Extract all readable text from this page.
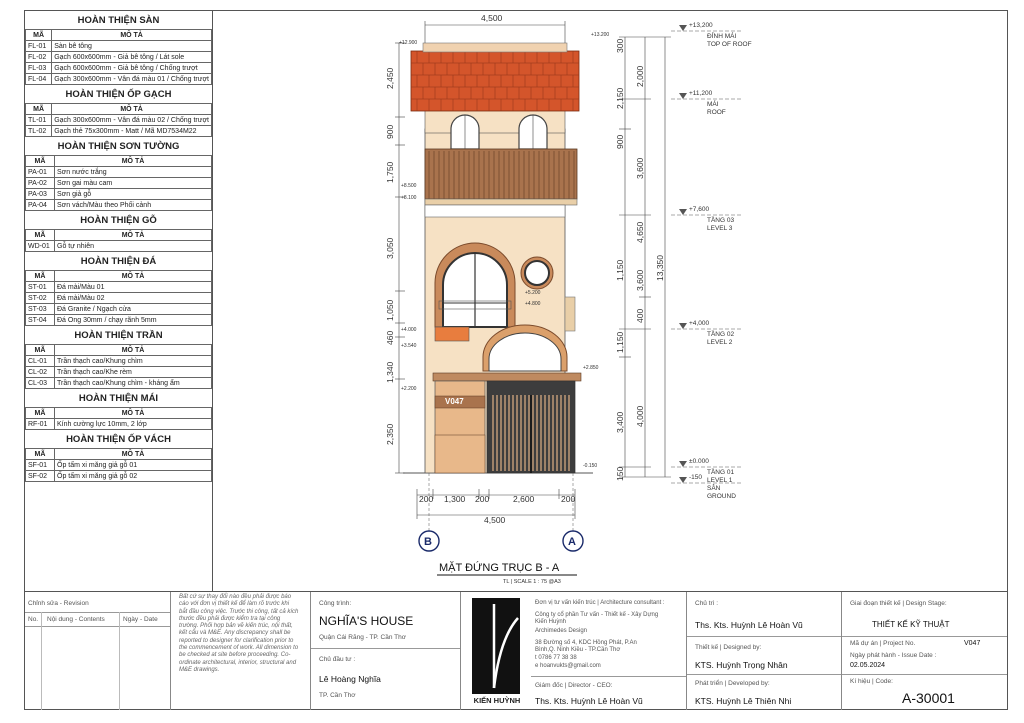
HOÀN THIỆN SÀN
MÃ	MÔ TẢ
FL-01	Sàn bê tông
FL-02	Gạch 600x600mm - Giả bê tông / Lát sole
FL-03	Gạch 600x600mm - Giả bê tông / Chống trượt
FL-04	Gạch 300x600mm - Vân đá màu 01 / Chống trượt
HOÀN THIỆN ỐP GẠCH
MÃ	MÔ TẢ
TL-01	Gạch 300x600mm - Vân đá màu 02 / Chống trượt
TL-02	Gạch thẻ 75x300mm - Matt / Mã MD7534M22
HOÀN THIỆN SƠN TƯỜNG
MÃ	MÔ TẢ
PA-01	Sơn nước trắng
PA-02	Sơn gai màu cam
PA-03	Sơn giả gỗ
PA-04	Sơn vách/Màu theo Phối cảnh
HOÀN THIỆN GỖ
MÃ	MÔ TẢ
WD-01	Gỗ tự nhiên
HOÀN THIỆN ĐÁ
MÃ	MÔ TẢ
ST-01	Đá mài/Màu 01
ST-02	Đá mài/Màu 02
ST-03	Đá Granite / Ngạch cửa
ST-04	Đá Ong 30mm / chạy rãnh 5mm
HOÀN THIỆN TRẦN
MÃ	MÔ TẢ
CL-01	Trần thạch cao/Khung chìm
CL-02	Trần thạch cao/Khe rèm
CL-03	Trần thạch cao/Khung chìm - kháng ẩm
HOÀN THIỆN MÁI
MÃ	MÔ TẢ
RF-01	Kính cường lực 10mm, 2 lớp
HOÀN THIỆN ỐP VÁCH
MÃ	MÔ TẢ
SF-01	Ốp tấm xi măng giả gỗ 01
SF-02	Ốp tấm xi măng giả gỗ 02
V047
+12.900
+13.200
+8.500
+8.100
+5.200
+4.800
+4.000
+3.540
+2.850
+2.200
-0.150
4,500
200 1,300 200	2,600	200
4,500
2,450
900
1,750
3,050
1,050
460
1,340
2,350
300
2,150
900
1,150
1,150
3,400
150
2,000
3,600
4,650
3,600
400
4,000
13,350
+13,200
ĐỈNH MÁI
TOP OF ROOF
+11,200
MÁI
ROOF
+7,600
TẦNG 03
LEVEL 3
+4,000
TẦNG 02
LEVEL 2
±0.000
TẦNG 01
LEVEL 1
-150
SÂN
GROUND
B	A
MẶT ĐỨNG TRỤC B - A
TL | SCALE 1 : 75 @A3
Chỉnh sửa - Revision
No. Nội dung - Contents	Ngày - Date
Bất cứ sự thay đổi nào đều phải được báo cáo với đơn vị thiết kế để làm rõ trước khi bắt đầu công việc. Trước thi công, tất cả kích thước đều phải được kiểm tra tại công trường. Phối hợp bản vẽ kiến trúc, nội thất, kết cấu và M&E. Any discrepancy shall be reported to designer for clarification prior to the commencement of work. All dimension to be checked at site before proceeding. Co-ordinate architectural, interior, structural and M&E drawings.
Công trình:
NGHĨA'S HOUSE
Quận Cái Răng - TP. Cần Thơ
Chủ đầu tư :
Lê Hoàng Nghĩa
TP. Cần Thơ
KIẾN HUỲNH
Đơn vị tư vấn kiến trúc | Architecture consultant :
Công ty cổ phần Tư vấn - Thiết kế - Xây Dựng Kiến Huỳnh
Archimedes Design
38 Đường số 4, KDC Hồng Phát, P.An
Bình,Q. Ninh Kiều - TP.Cần Thơ
t 0786 77 38 38
e hoanvukts@gmail.com
Giám đốc | Director - CEO:
Ths. Kts. Huỳnh Lê Hoàn Vũ
Chủ trì :
Ths. Kts. Huỳnh Lê Hoàn Vũ
Thiết kế | Designed by:
KTS. Huỳnh Trọng Nhân
Phát triển | Developed by:
KTS. Huỳnh Lê Thiên Nhi
Giai đoạn thiết kế | Design Stage:
THIẾT KẾ KỸ THUẬT
Mã dự án | Project No.	V047
Ngày phát hành - Issue Date :
02.05.2024
Kí hiệu | Code:
A-30001
